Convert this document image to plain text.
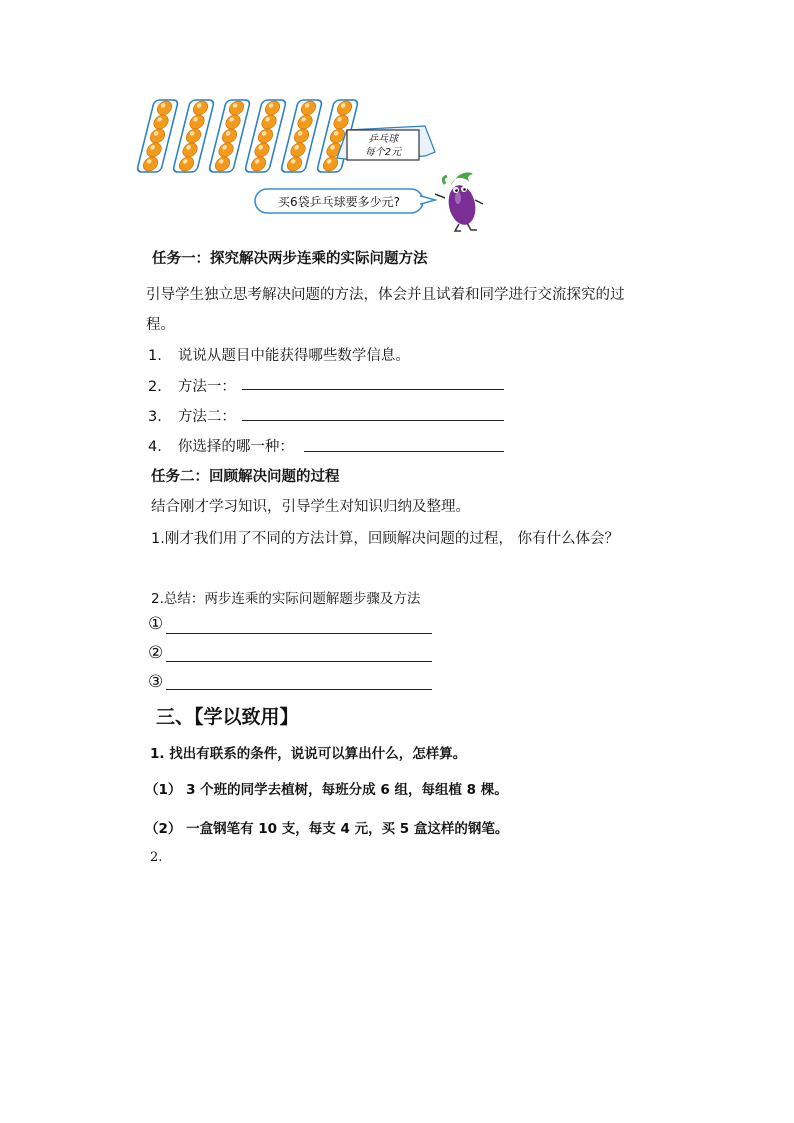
乒乓球
每个2元
买6袋乒乓球要多少元?
任务一：探究解决两步连乘的实际问题方法
引导学生独立思考解决问题的方法，体会并且试着和同学进行交流探究的过
程。
1. 说说从题目中能获得哪些数学信息。
2. 方法一：
3. 方法二：
4. 你选择的哪一种：
任务二：回顾解决问题的过程
结合刚才学习知识，引导学生对知识归纳及整理。
1.刚才我们用了不同的方法计算，回顾解决问题的过程， 你有什么体会？
2.总结：两步连乘的实际问题解题步骤及方法
①
②
③
三、【学以致用】
1. 找出有联系的条件，说说可以算出什么，怎样算。
（1） 3 个班的同学去植树，每班分成 6 组，每组植 8 棵。
（2） 一盒钢笔有 10 支，每支 4 元，买 5 盒这样的钢笔。
2.
